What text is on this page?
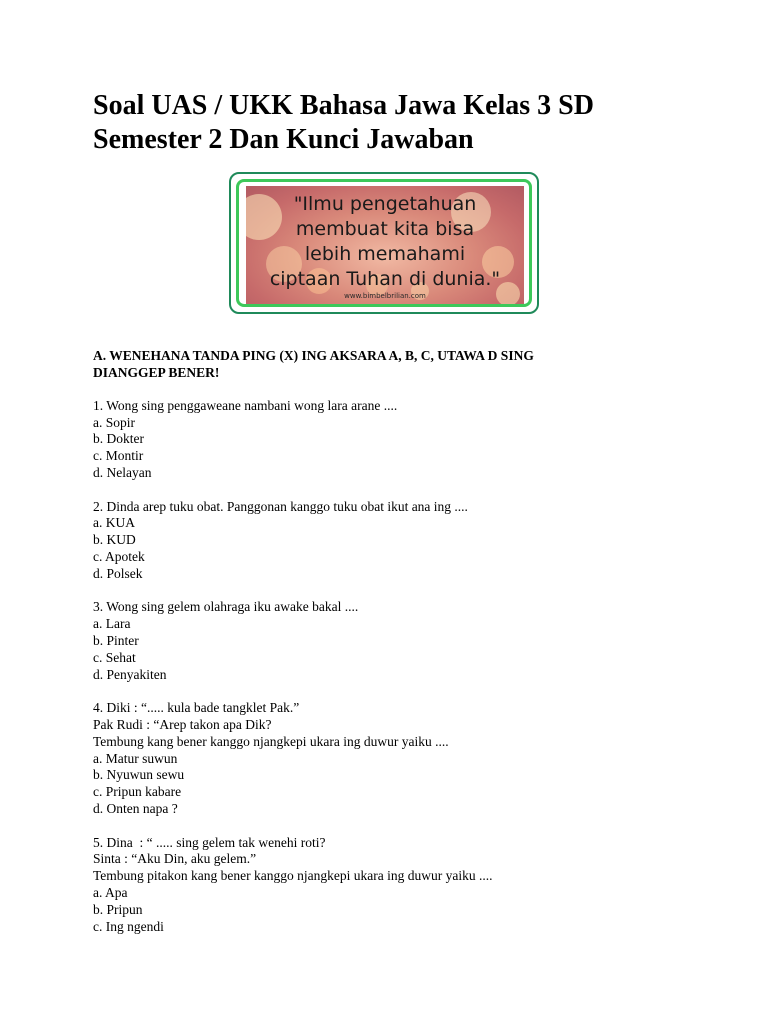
Soal UAS / UKK Bahasa Jawa Kelas 3 SD
Semester 2 Dan Kunci Jawaban
"Ilmu pengetahuan
membuat kita bisa
lebih memahami
ciptaan Tuhan di dunia."
www.bimbelbrilian.com
A. WENEHANA TANDA PING (X) ING AKSARA A, B, C, UTAWA D SING
DIANGGEP BENER!
1. Wong sing penggaweane nambani wong lara arane ....
a. Sopir
b. Dokter
c. Montir
d. Nelayan
2. Dinda arep tuku obat. Panggonan kanggo tuku obat ikut ana ing ....
a. KUA
b. KUD
c. Apotek
d. Polsek
3. Wong sing gelem olahraga iku awake bakal ....
a. Lara
b. Pinter
c. Sehat
d. Penyakiten
4. Diki : “..... kula bade tangklet Pak.”
Pak Rudi : “Arep takon apa Dik?
Tembung kang bener kanggo njangkepi ukara ing duwur yaiku ....
a. Matur suwun
b. Nyuwun sewu
c. Pripun kabare
d. Onten napa ?
5. Dina  : “ ..... sing gelem tak wenehi roti?
Sinta : “Aku Din, aku gelem.”
Tembung pitakon kang bener kanggo njangkepi ukara ing duwur yaiku ....
a. Apa
b. Pripun
c. Ing ngendi
